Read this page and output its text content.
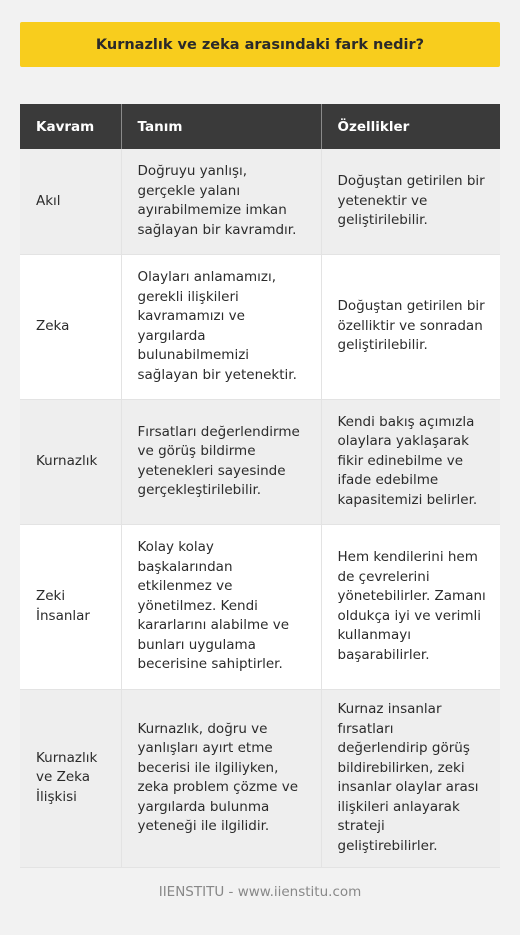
Kurnazlık ve zeka arasındaki fark nedir?
Kavram	Tanım	Özellikler
Akıl	Doğruyu yanlışı, gerçekle yalanı ayırabilmemize imkan sağlayan bir kavramdır.	Doğuştan getirilen bir yetenektir ve geliştirilebilir.
Zeka	Olayları anlamamızı, gerekli ilişkileri kavramamızı ve yargılarda bulunabilmemizi sağlayan bir yetenektir.	Doğuştan getirilen bir özelliktir ve sonradan geliştirilebilir.
Kurnazlık	Fırsatları değerlendirme ve görüş bildirme yetenekleri sayesinde gerçekleştirilebilir.	Kendi bakış açımızla olaylara yaklaşarak fikir edinebilme ve ifade edebilme kapasitemizi belirler.
Zeki İnsanlar	Kolay kolay başkalarından etkilenmez ve yönetilmez. Kendi kararlarını alabilme ve bunları uygulama becerisine sahiptirler.	Hem kendilerini hem de çevrelerini yönetebilirler. Zamanı oldukça iyi ve verimli kullanmayı başarabilirler.
Kurnazlık ve Zeka İlişkisi	Kurnazlık, doğru ve yanlışları ayırt etme becerisi ile ilgiliyken, zeka problem çözme ve yargılarda bulunma yeteneği ile ilgilidir.	Kurnaz insanlar fırsatları değerlendirip görüş bildirebilirken, zeki insanlar olaylar arası ilişkileri anlayarak strateji geliştirebilirler.
IIENSTITU - www.iienstitu.com
